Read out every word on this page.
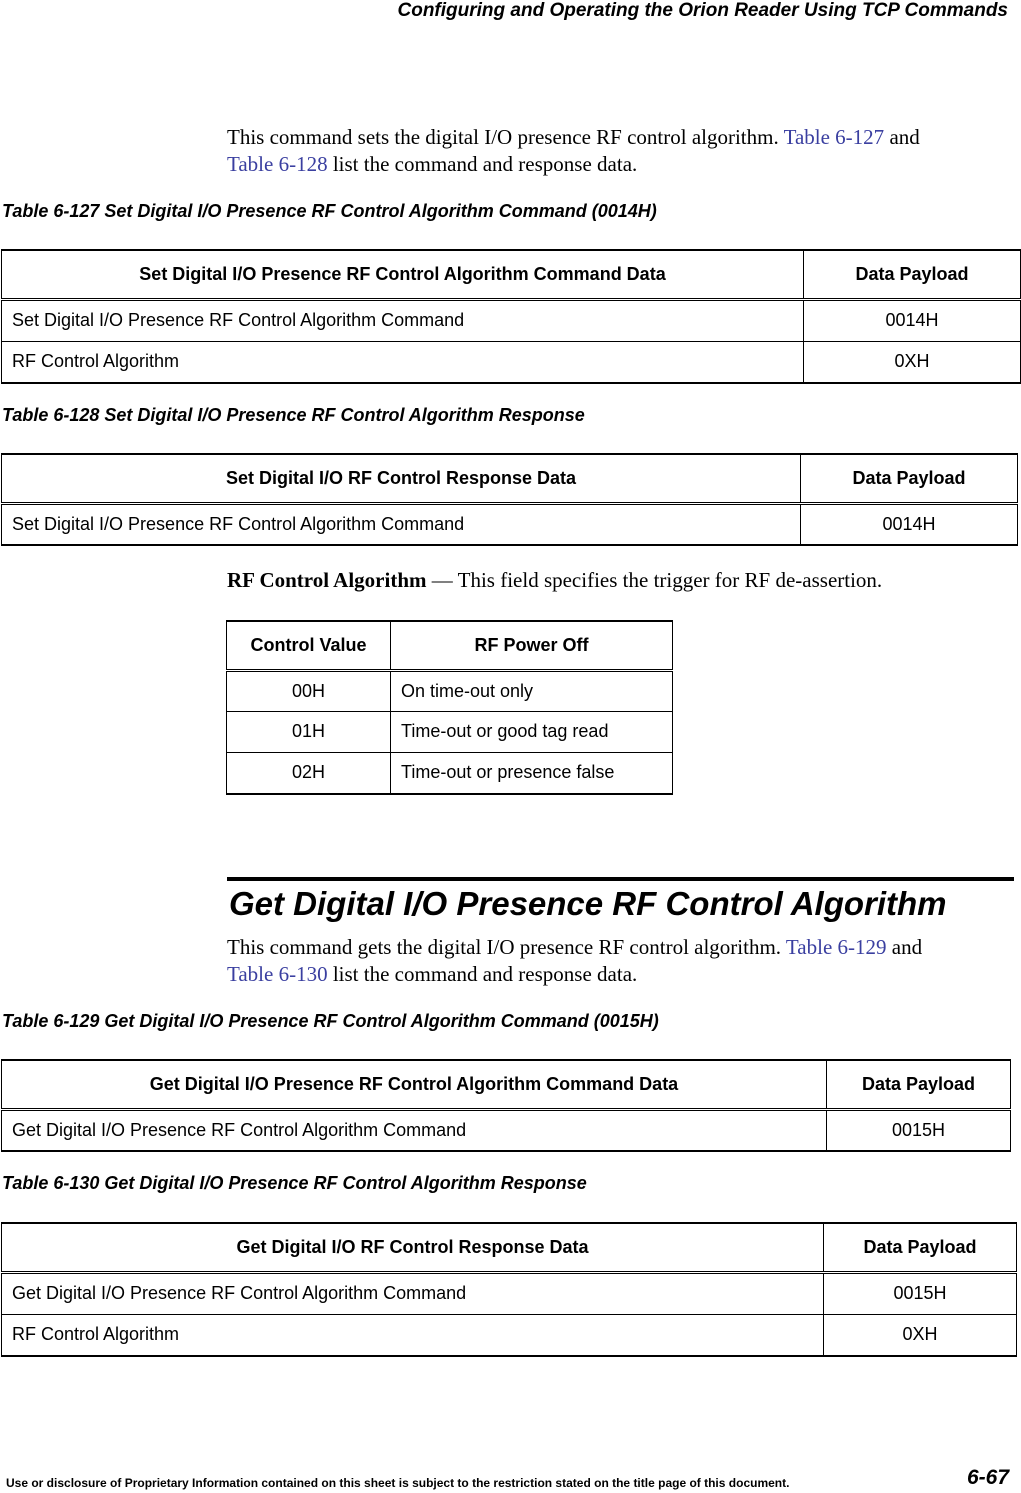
Configuring and Operating the Orion Reader Using TCP Commands
This command sets the digital I/O presence RF control algorithm. Table 6-127 and
Table 6-128 list the command and response data.
Table 6-127 Set Digital I/O Presence RF Control Algorithm Command (0014H)
Set Digital I/O Presence RF Control Algorithm Command Data	Data Payload
Set Digital I/O Presence RF Control Algorithm Command	0014H
RF Control Algorithm	0XH
Table 6-128 Set Digital I/O Presence RF Control Algorithm Response
Set Digital I/O RF Control Response Data	Data Payload
Set Digital I/O Presence RF Control Algorithm Command	0014H
RF Control Algorithm — This field specifies the trigger for RF de-assertion.
Control Value	RF Power Off
00H	On time-out only
01H	Time-out or good tag read
02H	Time-out or presence false
Get Digital I/O Presence RF Control Algorithm
This command gets the digital I/O presence RF control algorithm. Table 6-129 and
Table 6-130 list the command and response data.
Table 6-129 Get Digital I/O Presence RF Control Algorithm Command (0015H)
Get Digital I/O Presence RF Control Algorithm Command Data	Data Payload
Get Digital I/O Presence RF Control Algorithm Command	0015H
Table 6-130 Get Digital I/O Presence RF Control Algorithm Response
Get Digital I/O RF Control Response Data	Data Payload
Get Digital I/O Presence RF Control Algorithm Command	0015H
RF Control Algorithm	0XH
Use or disclosure of Proprietary Information contained on this sheet is subject to the restriction stated on the title page of this document.	6-67
